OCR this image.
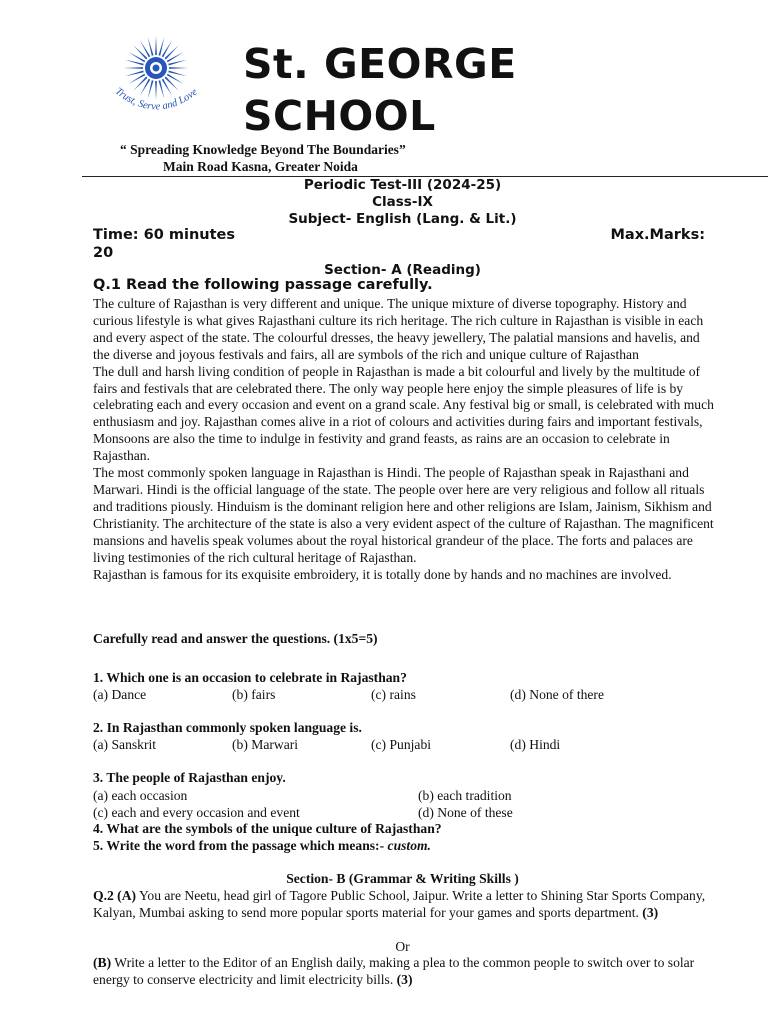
Trust, Serve and Love
St. GEORGE
SCHOOL
“ Spreading Knowledge Beyond The Boundaries”
Main Road Kasna, Greater Noida
Periodic Test-III (2024-25)
Class-IX
Subject- English (Lang. & Lit.)
Time: 60 minutes	Max.Marks:
20
Section- A (Reading)
Q.1 Read the following passage carefully.

The culture of Rajasthan is very different and unique. The unique mixture of diverse topography. History and curious lifestyle is what gives Rajasthani culture its rich heritage. The rich culture in Rajasthan is visible in each and every aspect of the state. The colourful dresses, the heavy jewellery, The palatial mansions and havelis, and the diverse and joyous festivals and fairs, all are symbols of the rich and unique culture of Rajasthan

The dull and harsh living condition of people in Rajasthan is made a bit colourful and lively by the multitude of fairs and festivals that are celebrated there. The only way people here enjoy the simple pleasures of life is by celebrating each and every occasion and event on a grand scale. Any festival big or small, is celebrated with much enthusiasm and joy. Rajasthan comes alive in a riot of colours and activities during fairs and important festivals, Monsoons are also the time to indulge in festivity and grand feasts, as rains are an occasion to celebrate in Rajasthan.

The most commonly spoken language in Rajasthan is Hindi. The people of Rajasthan speak in Rajasthani and Marwari. Hindi is the official language of the state. The people over here are very religious and follow all rituals and traditions piously. Hinduism is the dominant religion here and other religions are Islam, Jainism, Sikhism and Christianity. The architecture of the state is also a very evident aspect of the culture of Rajasthan. The magnificent mansions and havelis speak volumes about the royal historical grandeur of the place. The forts and palaces are living testimonies of the rich cultural heritage of Rajasthan.

Rajasthan is famous for its exquisite embroidery, it is totally done by hands and no machines are involved.

Carefully read and answer the questions. (1x5=5)
1. Which one is an occasion to celebrate in Rajasthan?
(a) Dance	(b) fairs	(c) rains	(d) None of there
2. In Rajasthan commonly spoken language is.
(a) Sanskrit	(b) Marwari	(c) Punjabi	(d) Hindi
3. The people of Rajasthan enjoy.
(a) each occasion	(b) each tradition
(c) each and every occasion and event	(d) None of these
4. What are the symbols of the unique culture of Rajasthan?
5. Write the word from the passage which means:- custom.
Section- B (Grammar & Writing Skills )
Q.2 (A) You are Neetu, head girl of Tagore Public School, Jaipur. Write a letter to Shining Star Sports Company, Kalyan, Mumbai asking to send more popular sports material for your games and sports department. (3)
Or
(B) Write a letter to the Editor of an English daily, making a plea to the common people to switch over to solar energy to conserve electricity and limit electricity bills. (3)
